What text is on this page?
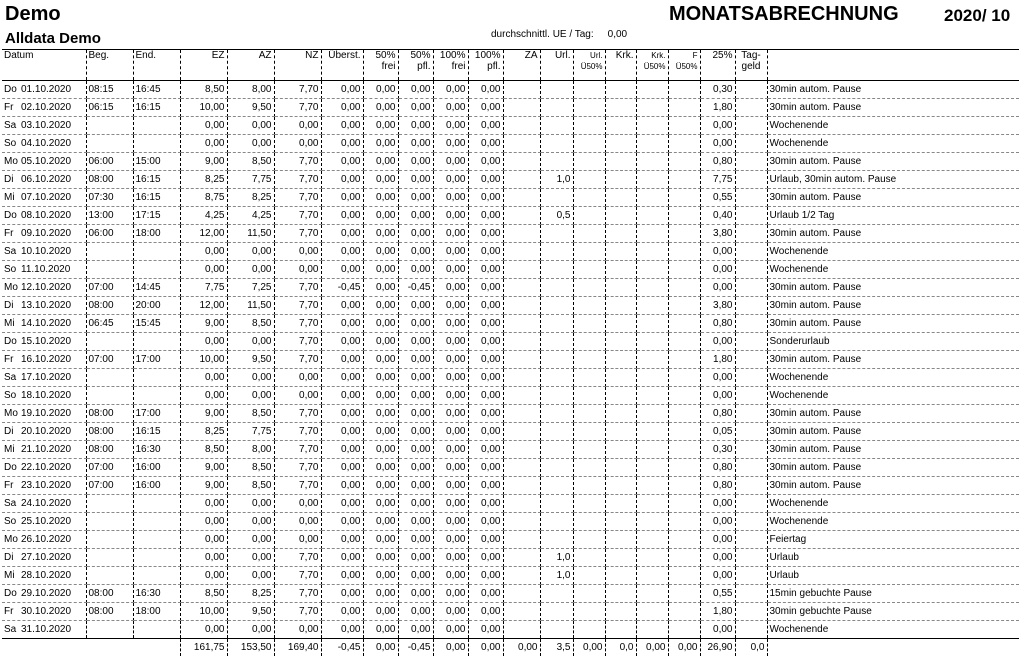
Demo
Alldata Demo	durchschnittl. UE / Tag: 0,00
MONATSABRECHNUNG	2020/ 10
Datum	Beg.	End.	EZ	AZ	NZ	Überst.	50% frei	50% pfl.	100% frei	100% pfl.	ZA	Url.	Url. Ü50%	Krk.	Krk. Ü50%	F Ü50%	25%	Tag-geld	
Do 01.10.2020	08:15	16:45	8,50	8,00	7,70	0,00	0,00	0,00	0,00	0,00							0,30		30min autom. Pause
Fr 02.10.2020	06:15	16:15	10,00	9,50	7,70	0,00	0,00	0,00	0,00	0,00							1,80		30min autom. Pause
Sa 03.10.2020			0,00	0,00	0,00	0,00	0,00	0,00	0,00	0,00							0,00		Wochenende
So 04.10.2020			0,00	0,00	0,00	0,00	0,00	0,00	0,00	0,00							0,00		Wochenende
Mo 05.10.2020	06:00	15:00	9,00	8,50	7,70	0,00	0,00	0,00	0,00	0,00							0,80		30min autom. Pause
Di 06.10.2020	08:00	16:15	8,25	7,75	7,70	0,00	0,00	0,00	0,00	0,00		1,0					7,75		Urlaub, 30min autom. Pause
Mi 07.10.2020	07:30	16:15	8,75	8,25	7,70	0,00	0,00	0,00	0,00	0,00							0,55		30min autom. Pause
Do 08.10.2020	13:00	17:15	4,25	4,25	7,70	0,00	0,00	0,00	0,00	0,00		0,5					0,40		Urlaub 1/2 Tag
Fr 09.10.2020	06:00	18:00	12,00	11,50	7,70	0,00	0,00	0,00	0,00	0,00							3,80		30min autom. Pause
Sa 10.10.2020			0,00	0,00	0,00	0,00	0,00	0,00	0,00	0,00							0,00		Wochenende
So 11.10.2020			0,00	0,00	0,00	0,00	0,00	0,00	0,00	0,00							0,00		Wochenende
Mo 12.10.2020	07:00	14:45	7,75	7,25	7,70	-0,45	0,00	-0,45	0,00	0,00							0,00		30min autom. Pause
Di 13.10.2020	08:00	20:00	12,00	11,50	7,70	0,00	0,00	0,00	0,00	0,00							3,80		30min autom. Pause
Mi 14.10.2020	06:45	15:45	9,00	8,50	7,70	0,00	0,00	0,00	0,00	0,00							0,80		30min autom. Pause
Do 15.10.2020			0,00	0,00	7,70	0,00	0,00	0,00	0,00	0,00							0,00		Sonderurlaub
Fr 16.10.2020	07:00	17:00	10,00	9,50	7,70	0,00	0,00	0,00	0,00	0,00							1,80		30min autom. Pause
Sa 17.10.2020			0,00	0,00	0,00	0,00	0,00	0,00	0,00	0,00							0,00		Wochenende
So 18.10.2020			0,00	0,00	0,00	0,00	0,00	0,00	0,00	0,00							0,00		Wochenende
Mo 19.10.2020	08:00	17:00	9,00	8,50	7,70	0,00	0,00	0,00	0,00	0,00							0,80		30min autom. Pause
Di 20.10.2020	08:00	16:15	8,25	7,75	7,70	0,00	0,00	0,00	0,00	0,00							0,05		30min autom. Pause
Mi 21.10.2020	08:00	16:30	8,50	8,00	7,70	0,00	0,00	0,00	0,00	0,00							0,30		30min autom. Pause
Do 22.10.2020	07:00	16:00	9,00	8,50	7,70	0,00	0,00	0,00	0,00	0,00							0,80		30min autom. Pause
Fr 23.10.2020	07:00	16:00	9,00	8,50	7,70	0,00	0,00	0,00	0,00	0,00							0,80		30min autom. Pause
Sa 24.10.2020			0,00	0,00	0,00	0,00	0,00	0,00	0,00	0,00							0,00		Wochenende
So 25.10.2020			0,00	0,00	0,00	0,00	0,00	0,00	0,00	0,00							0,00		Wochenende
Mo 26.10.2020			0,00	0,00	0,00	0,00	0,00	0,00	0,00	0,00							0,00		Feiertag
Di 27.10.2020			0,00	0,00	7,70	0,00	0,00	0,00	0,00	0,00		1,0					0,00		Urlaub
Mi 28.10.2020			0,00	0,00	7,70	0,00	0,00	0,00	0,00	0,00		1,0					0,00		Urlaub
Do 29.10.2020	08:00	16:30	8,50	8,25	7,70	0,00	0,00	0,00	0,00	0,00							0,55		15min gebuchte Pause
Fr 30.10.2020	08:00	18:00	10,00	9,50	7,70	0,00	0,00	0,00	0,00	0,00							1,80		30min gebuchte Pause
Sa 31.10.2020			0,00	0,00	0,00	0,00	0,00	0,00	0,00	0,00							0,00		Wochenende
			161,75	153,50	169,40	-0,45	0,00	-0,45	0,00	0,00	0,00	3,5	0,00	0,0	0,00	0,00	26,90	0,0	
